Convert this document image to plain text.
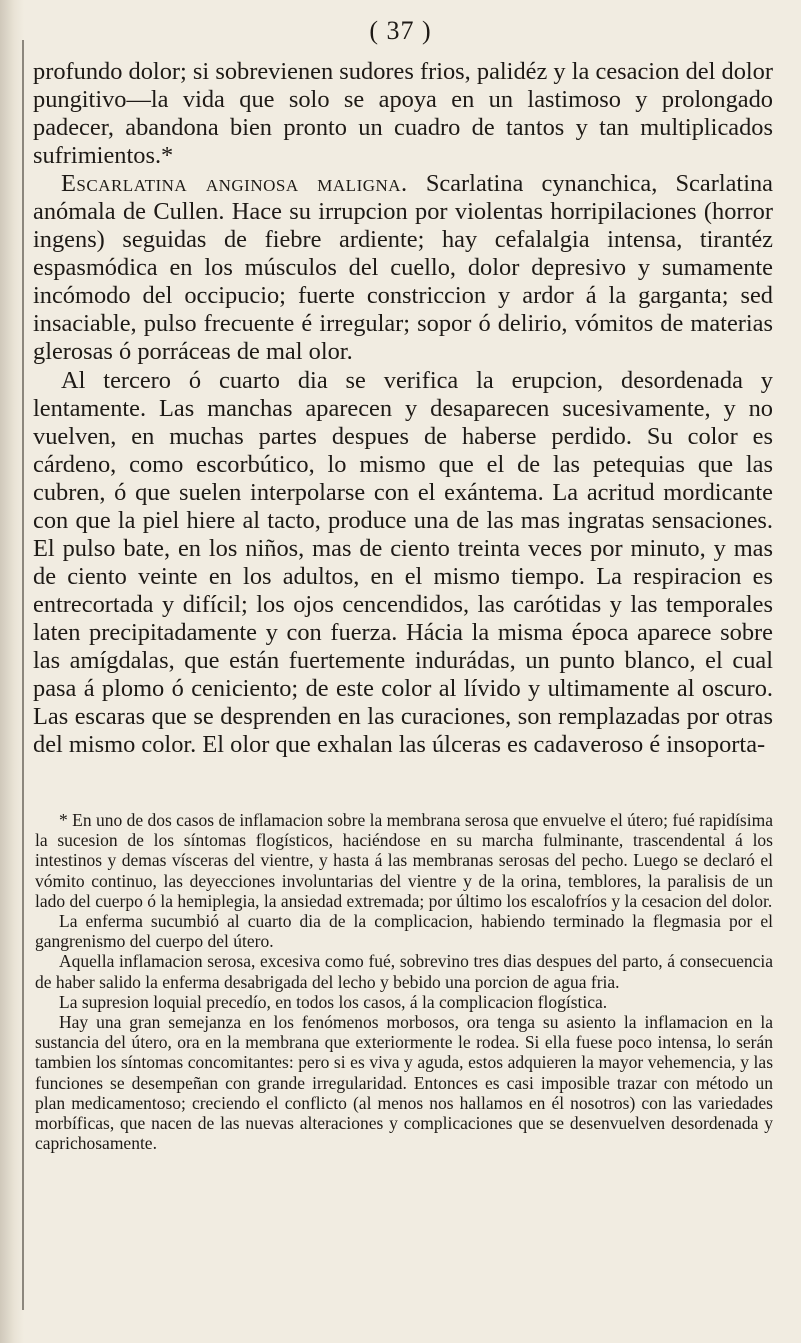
( 37 )

profundo dolor; si sobrevienen sudores frios, palidéz y la cesacion del dolor pungitivo—la vida que solo se apoya en un lastimoso y prolongado padecer, abandona bien pronto un cuadro de tantos y tan multiplicados sufrimientos.*

Escarlatina anginosa maligna. Scarlatina cynanchica, Scarlatina anómala de Cullen. Hace su irrupcion por violentas horripilaciones (horror ingens) seguidas de fiebre ardiente; hay cefalalgia intensa, tirantéz espasmódica en los músculos del cuello, dolor depresivo y sumamente incómodo del occipucio; fuerte constriccion y ardor á la garganta; sed insaciable, pulso frecuente é irregular; sopor ó delirio, vómitos de materias glerosas ó porráceas de mal olor.

Al tercero ó cuarto dia se verifica la erupcion, desordenada y lentamente. Las manchas aparecen y desaparecen sucesivamente, y no vuelven, en muchas partes despues de haberse perdido. Su color es cárdeno, como escorbútico, lo mismo que el de las petequias que las cubren, ó que suelen interpolarse con el exántema. La acritud mordicante con que la piel hiere al tacto, produce una de las mas ingratas sensaciones. El pulso bate, en los niños, mas de ciento treinta veces por minuto, y mas de ciento veinte en los adultos, en el mismo tiempo. La respiracion es entrecortada y difícil; los ojos cencendidos, las carótidas y las temporales laten precipitadamente y con fuerza. Hácia la misma época aparece sobre las amígdalas, que están fuertemente indurádas, un punto blanco, el cual pasa á plomo ó ceniciento; de este color al lívido y ultimamente al oscuro. Las escaras que se desprenden en las curaciones, son remplazadas por otras del mismo color. El olor que exhalan las úlceras es cadaveroso é insoporta-

* En uno de dos casos de inflamacion sobre la membrana serosa que envuelve el útero; fué rapidísima la sucesion de los síntomas flogísticos, haciéndose en su marcha fulminante, trascendental á los intestinos y demas vísceras del vientre, y hasta á las membranas serosas del pecho. Luego se declaró el vómito continuo, las deyecciones involuntarias del vientre y de la orina, temblores, la paralisis de un lado del cuerpo ó la hemiplegia, la ansiedad extremada; por último los escalofríos y la cesacion del dolor.

La enferma sucumbió al cuarto dia de la complicacion, habiendo terminado la flegmasia por el gangrenismo del cuerpo del útero.

Aquella inflamacion serosa, excesiva como fué, sobrevino tres dias despues del parto, á consecuencia de haber salido la enferma desabrigada del lecho y bebido una porcion de agua fria.

La supresion loquial precedío, en todos los casos, á la complicacion flogística.

Hay una gran semejanza en los fenómenos morbosos, ora tenga su asiento la inflamacion en la sustancia del útero, ora en la membrana que exteriormente le rodea. Si ella fuese poco intensa, lo serán tambien los síntomas concomitantes: pero si es viva y aguda, estos adquieren la mayor vehemencia, y las funciones se desempeñan con grande irregularidad. Entonces es casi imposible trazar con método un plan medicamentoso; creciendo el conflicto (al menos nos hallamos en él nosotros) con las variedades morbíficas, que nacen de las nuevas alteraciones y complicaciones que se desenvuelven desordenada y caprichosamente.
